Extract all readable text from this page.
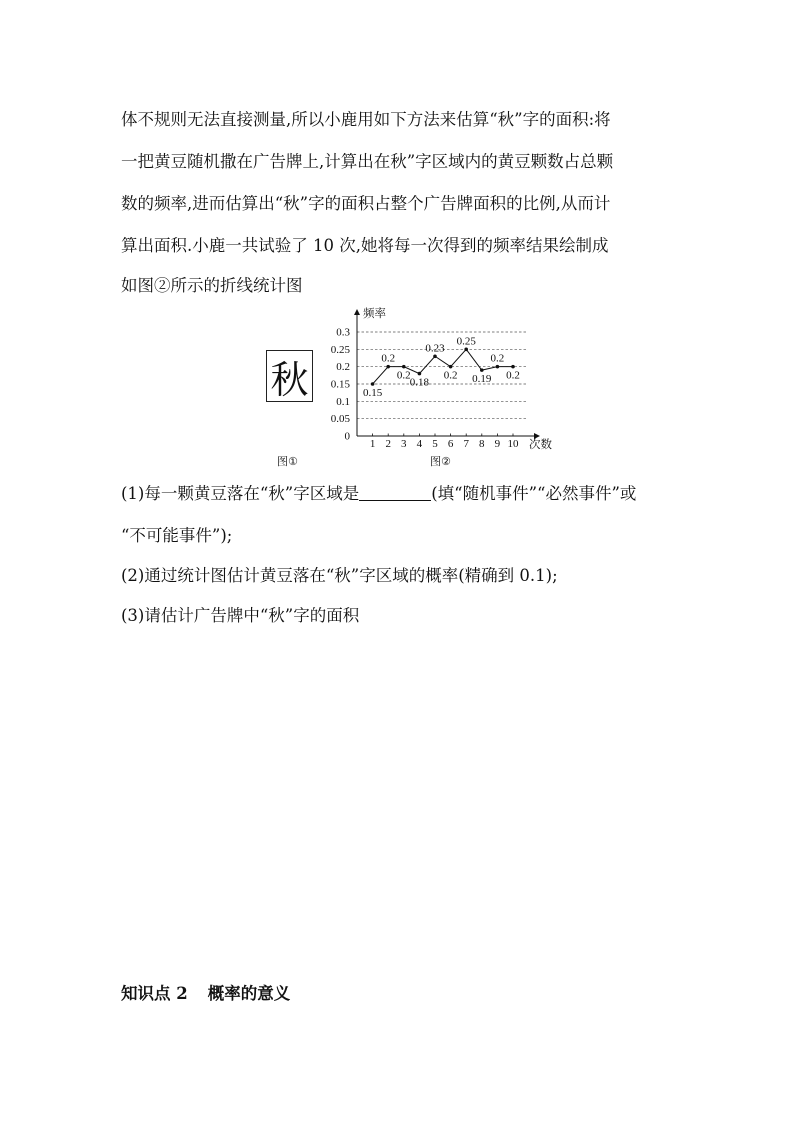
体不规则无法直接测量,所以小鹿用如下方法来估算“秋”字的面积:将
一把黄豆随机撒在广告牌上,计算出在秋”字区域内的黄豆颗数占总颗
数的频率,进而估算出“秋”字的面积占整个广告牌面积的比例,从而计
算出面积.小鹿一共试验了 10 次,她将每一次得到的频率结果绘制成
如图②所示的折线统计图
秋
图①
0
0.05
0.1
0.15
0.2
0.25
0.3
频率
次数
1 2 3 4 5 6 7 8 9 10
0.15
0.2
0.2
0.18
0.23
0.2
0.25
0.19
0.2
0.2
图②
(1)每一颗黄豆落在“秋”字区域是	(填“随机事件”“必然事件”或
“不可能事件”);
(2)通过统计图估计黄豆落在“秋”字区域的概率(精确到 0.1);
(3)请估计广告牌中“秋”字的面积
知识点 2 概率的意义
